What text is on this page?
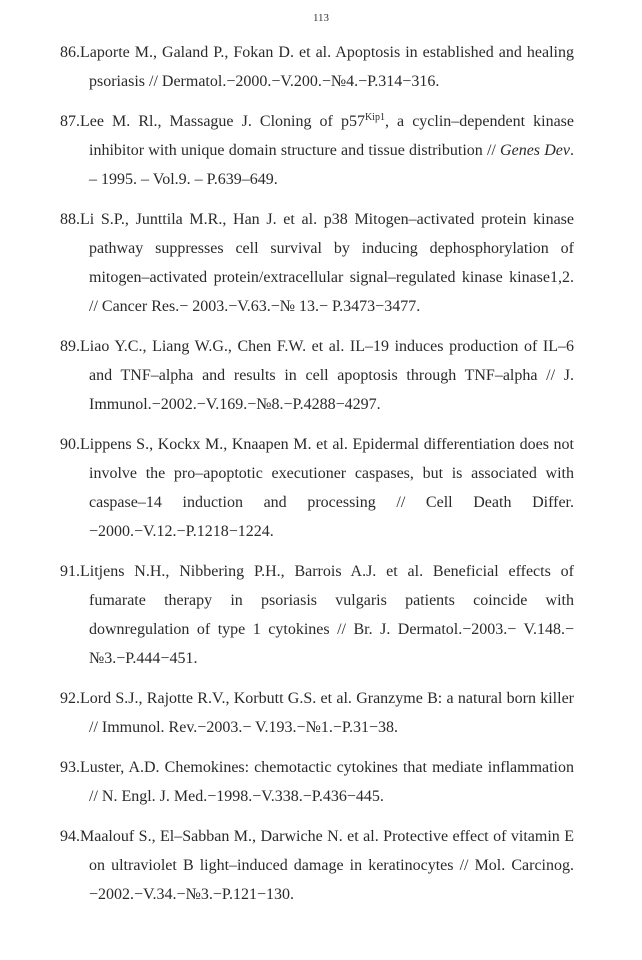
113
86.Laporte M., Galand P., Fokan D. et al. Apoptosis in established and healing psoriasis // Dermatol.−2000.−V.200.−№4.−P.314−316.
87.Lee M. Rl., Massague J. Cloning of $p57^{Kip1}$, a cyclin–dependent kinase inhibitor with unique domain structure and tissue distribution // Genes Dev. – 1995. – Vol.9. – P.639–649.
88.Li S.P., Junttila M.R., Han J. et al. p38 Mitogen–activated protein kinase pathway suppresses cell survival by inducing dephosphorylation of mitogen–activated protein/extracellular signal–regulated kinase kinase1,2. // Cancer Res.− 2003.−V.63.−№ 13.− P.3473−3477.
89.Liao Y.C., Liang W.G., Chen F.W. et al. IL–19 induces production of IL–6 and TNF–alpha and results in cell apoptosis through TNF–alpha // J. Immunol.−2002.−V.169.−№8.−P.4288−4297.
90.Lippens S., Kockx M., Knaapen M. et al. Epidermal differentiation does not involve the pro–apoptotic executioner caspases, but is associated with caspase–14 induction and processing // Cell Death Differ.−2000.−V.12.−P.1218−1224.
91.Litjens N.H., Nibbering P.H., Barrois A.J. et al. Beneficial effects of fumarate therapy in psoriasis vulgaris patients coincide with downregulation of type 1 cytokines // Br. J. Dermatol.−2003.− V.148.−№3.−P.444−451.
92.Lord S.J., Rajotte R.V., Korbutt G.S. et al. Granzyme B: a natural born killer // Immunol. Rev.−2003.− V.193.−№1.−P.31−38.
93.Luster, A.D. Chemokines: chemotactic cytokines that mediate inflammation // N. Engl. J. Med.−1998.−V.338.−P.436−445.
94.Maalouf S., El–Sabban M., Darwiche N. et al. Protective effect of vitamin E on ultraviolet B light–induced damage in keratinocytes // Mol. Carcinog.−2002.−V.34.−№3.−P.121−130.
